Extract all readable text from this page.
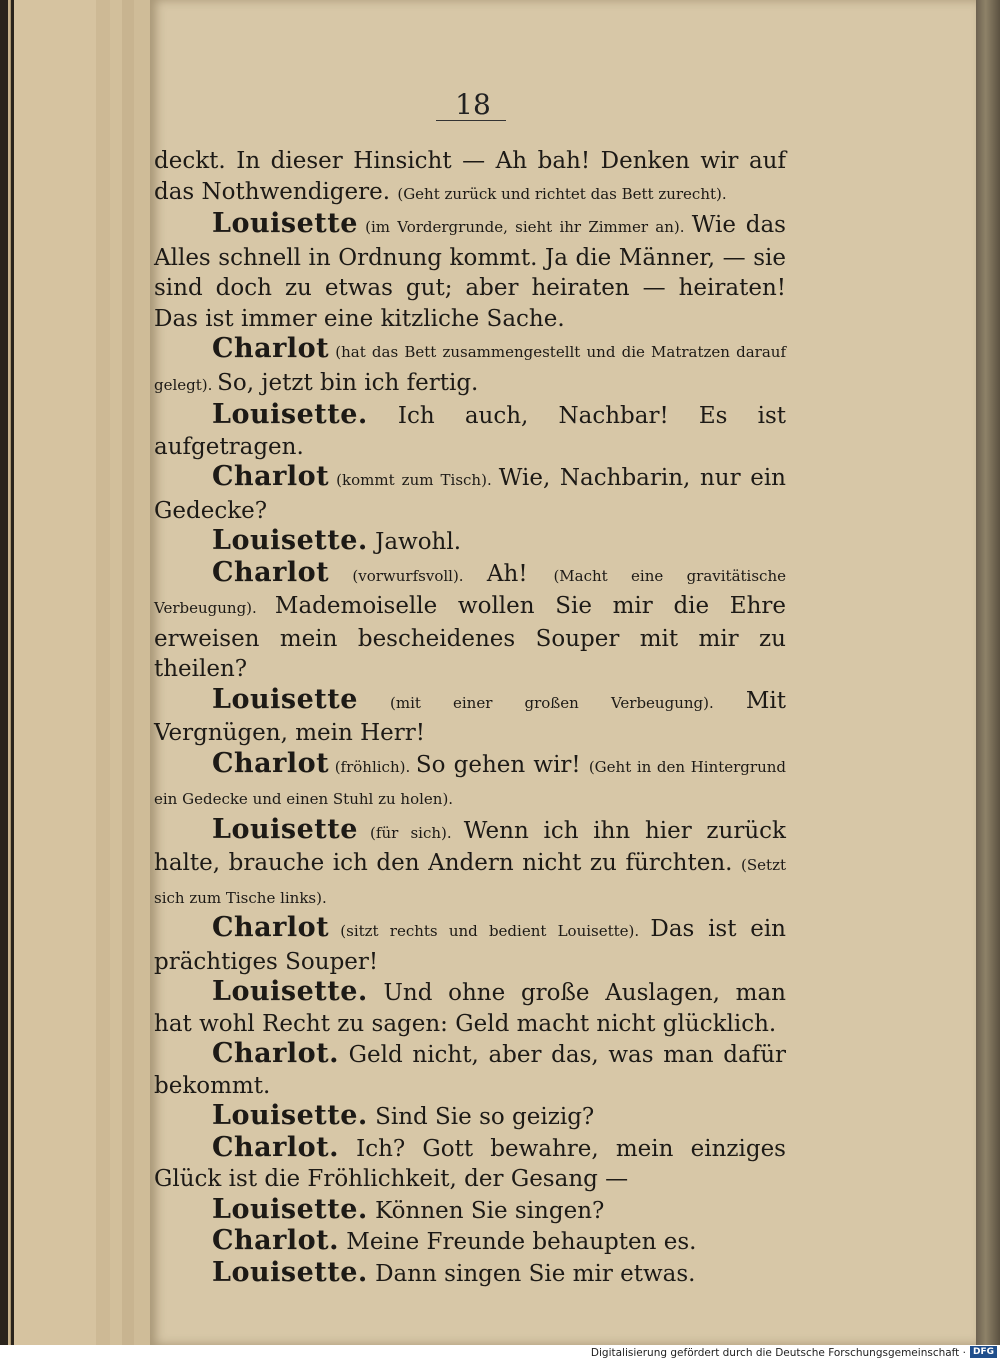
18

deckt. In dieser Hinsicht — Ah bah! Denken wir auf das Nothwendigere. (Geht zurück und richtet das Bett zurecht).

Louisette (im Vordergrunde, sieht ihr Zimmer an). Wie das Alles schnell in Ordnung kommt. Ja die Männer, — sie sind doch zu etwas gut; aber heiraten — heiraten! Das ist immer eine kitzliche Sache.

Charlot (hat das Bett zusammengestellt und die Matratzen darauf gelegt). So, jetzt bin ich fertig.

Louisette. Ich auch, Nachbar! Es ist aufgetragen.

Charlot (kommt zum Tisch). Wie, Nachbarin, nur ein Gedecke?

Louisette. Jawohl.

Charlot (vorwurfsvoll). Ah! (Macht eine gravitätische Verbeugung). Mademoiselle wollen Sie mir die Ehre erweisen mein bescheidenes Souper mit mir zu theilen?

Louisette (mit einer großen Verbeugung). Mit Vergnügen, mein Herr!

Charlot (fröhlich). So gehen wir! (Geht in den Hintergrund ein Gedecke und einen Stuhl zu holen).

Louisette (für sich). Wenn ich ihn hier zurück halte, brauche ich den Andern nicht zu fürchten. (Setzt sich zum Tische links).

Charlot (sitzt rechts und bedient Louisette). Das ist ein prächtiges Souper!

Louisette. Und ohne große Auslagen, man hat wohl Recht zu sagen: Geld macht nicht glücklich.

Charlot. Geld nicht, aber das, was man dafür bekommt.

Louisette. Sind Sie so geizig?

Charlot. Ich? Gott bewahre, mein einziges Glück ist die Fröhlichkeit, der Gesang —

Louisette. Können Sie singen?

Charlot. Meine Freunde behaupten es.

Louisette. Dann singen Sie mir etwas.

Digitalisierung gefördert durch die Deutsche Forschungsgemeinschaft · DFG
